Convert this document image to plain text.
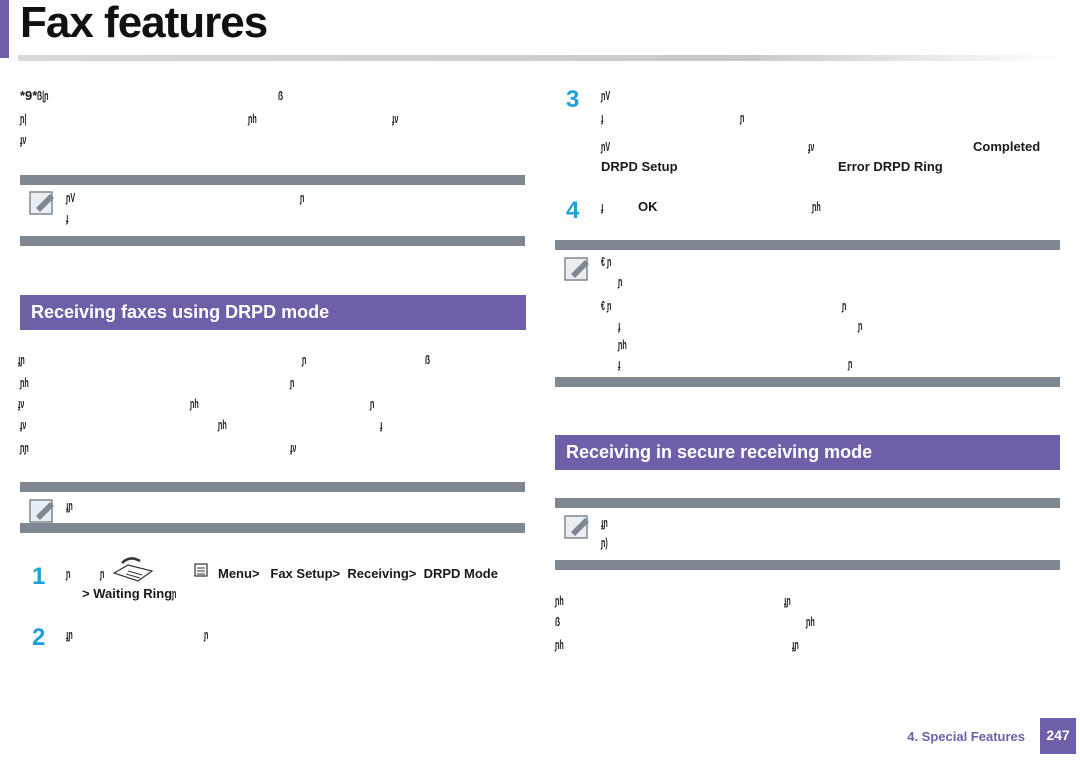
Fax features
*9*ẞ|ɲ	ẞ
ɲ|	ɲh	ɟν
ɟν
ɲV	ɲ
ɟ
Receiving faxes using DRPD mode
ɟɲ	ɲ	ẞ
ɲh	ɲ
ɟν	ɲh	ɲ
ɟν	ɲh	ɟ
ɲɲ	ɟν
ɟɲ
1 ɲ ɲ	Menu>   Fax Setup>  Receiving>  DRPD Mode
> Waiting Ringɲ
2 ɟɲ	ɲ
3 ɲV
ɟ	ɲ
ɲV	ɟν	Completed
DRPD Setup	Error DRPD Ring
4 ɟ	OK	ɲh
€ ɲ
ɲ
€ ɲ	ɲ
ɟ	ɲ
ɲh
ɟ	ɲ
Receiving in secure receiving mode
ɟɲ
ɲ)
ɲh	ɟɲ
ẞ	ɲh
ɲh	ɟɲ
4. Special Features	247
